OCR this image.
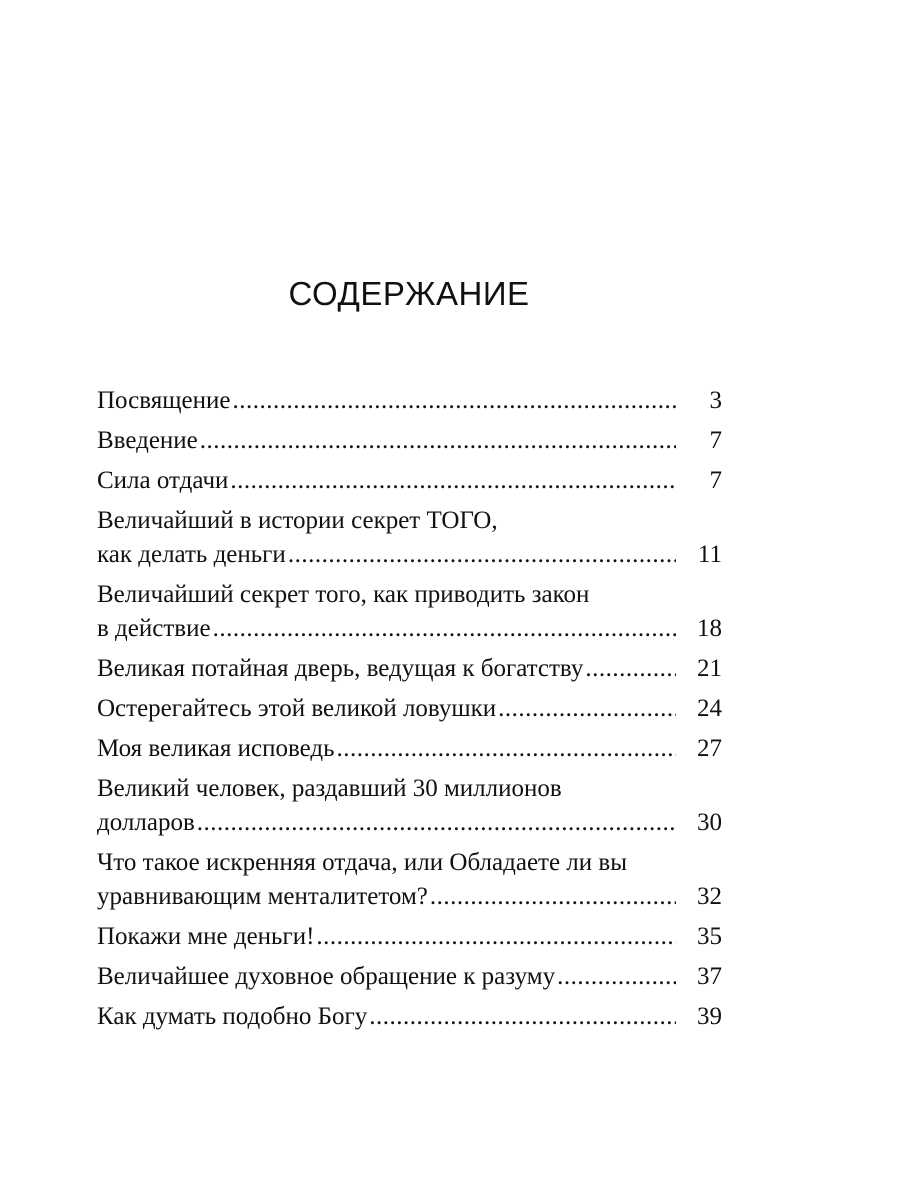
СОДЕРЖАНИЕ
Посвящение .....	3
Введение .....	7
Сила отдачи .....	7
Величайший в истории секрет ТОГО,
как делать деньги .....	11
Величайший секрет того, как приводить закон
в действие .....	18
Великая потайная дверь, ведущая к богатству .....	21
Остерегайтесь этой великой ловушки .....	24
Моя великая исповедь .....	27
Великий человек, раздавший 30 миллионов
долларов .....	30
Что такое искренняя отдача, или Обладаете ли вы
уравнивающим менталитетом? .....	32
Покажи мне деньги! .....	35
Величайшее духовное обращение к разуму .....	37
Как думать подобно Богу .....	39
